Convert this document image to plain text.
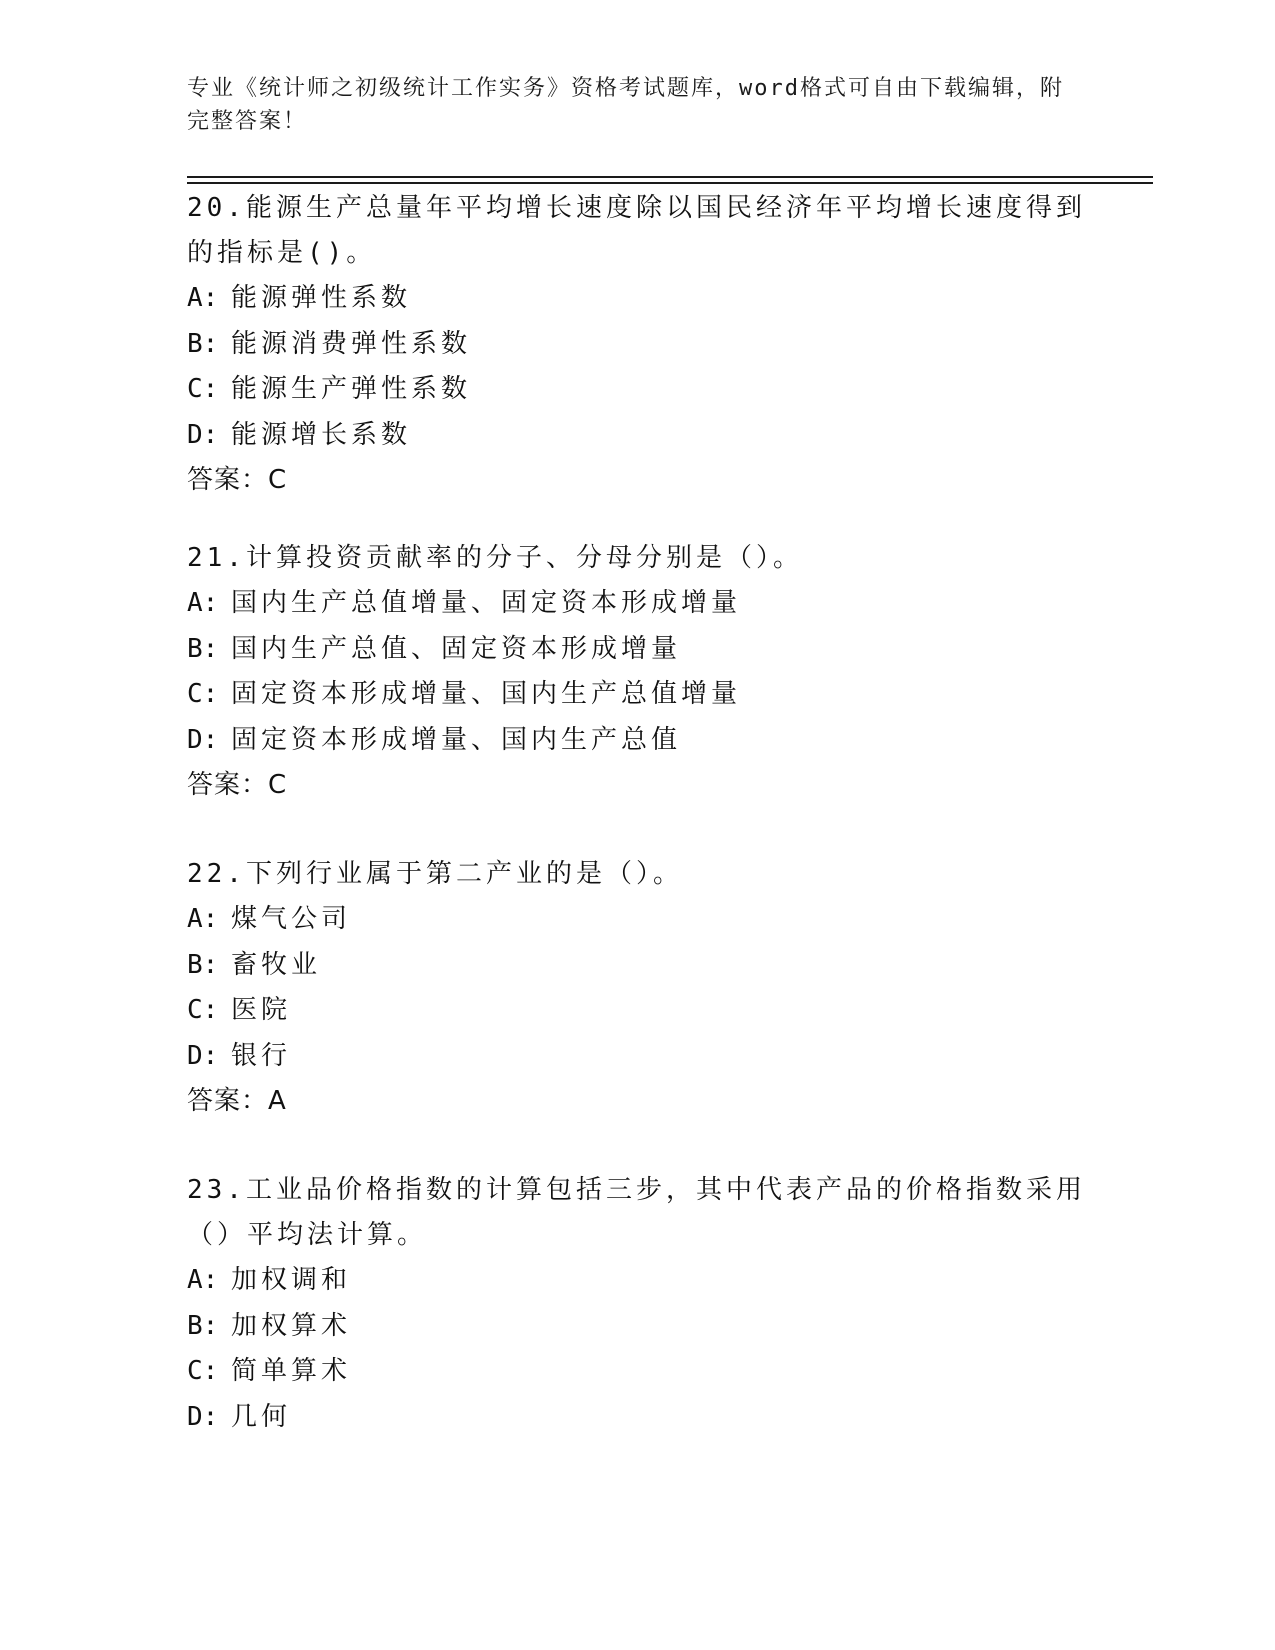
专业《统计师之初级统计工作实务》资格考试题库，word格式可自由下载编辑，附完整答案！

20.能源生产总量年平均增长速度除以国民经济年平均增长速度得到的指标是()。

A: 能源弹性系数

B: 能源消费弹性系数

C: 能源生产弹性系数

D: 能源增长系数

答案：C

21.计算投资贡献率的分子、分母分别是（）。

A: 国内生产总值增量、固定资本形成增量

B: 国内生产总值、固定资本形成增量

C: 固定资本形成增量、国内生产总值增量

D: 固定资本形成增量、国内生产总值

答案：C

22.下列行业属于第二产业的是（）。

A: 煤气公司

B: 畜牧业

C: 医院

D: 银行

答案：A

23.工业品价格指数的计算包括三步，其中代表产品的价格指数采用（）平均法计算。

A: 加权调和

B: 加权算术

C: 简单算术

D: 几何
